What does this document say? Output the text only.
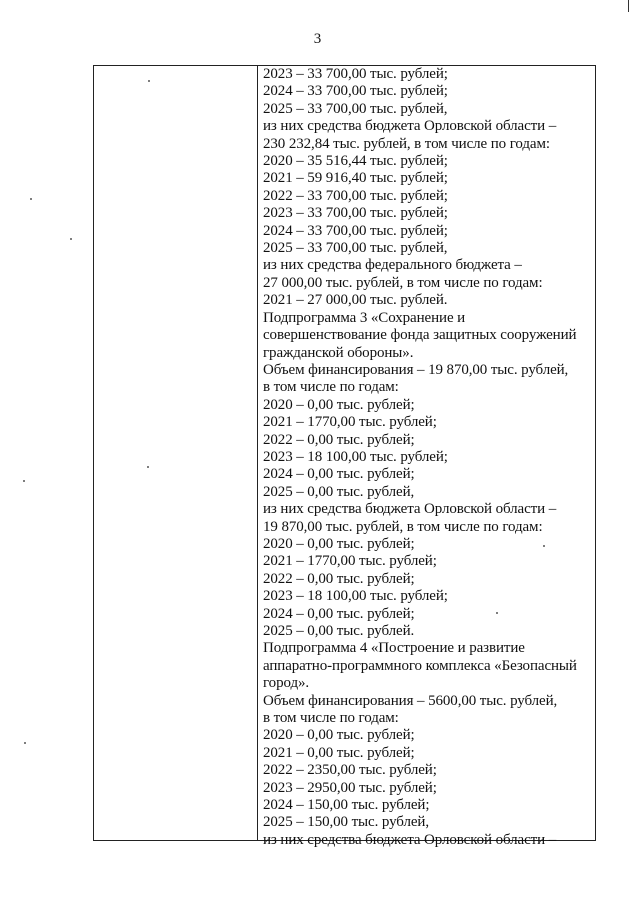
3
2023 – 33 700,00 тыс. рублей;
2024 – 33 700,00 тыс. рублей;
2025 – 33 700,00 тыс. рублей,
из них средства бюджета Орловской области –
230 232,84 тыс. рублей, в том числе по годам:
2020 – 35 516,44 тыс. рублей;
2021 – 59 916,40 тыс. рублей;
2022 – 33 700,00 тыс. рублей;
2023 – 33 700,00 тыс. рублей;
2024 – 33 700,00 тыс. рублей;
2025 – 33 700,00 тыс. рублей,
из них средства федерального бюджета –
27 000,00 тыс. рублей, в том числе по годам:
2021 – 27 000,00 тыс. рублей.
Подпрограмма 3 «Сохранение и
совершенствование фонда защитных сооружений
гражданской обороны».
Объем финансирования – 19 870,00 тыс. рублей,
в том числе по годам:
2020 – 0,00 тыс. рублей;
2021 – 1770,00 тыс. рублей;
2022 – 0,00 тыс. рублей;
2023 – 18 100,00 тыс. рублей;
2024 – 0,00 тыс. рублей;
2025 – 0,00 тыс. рублей,
из них средства бюджета Орловской области –
19 870,00 тыс. рублей, в том числе по годам:
2020 – 0,00 тыс. рублей;
2021 – 1770,00 тыс. рублей;
2022 – 0,00 тыс. рублей;
2023 – 18 100,00 тыс. рублей;
2024 – 0,00 тыс. рублей;
2025 – 0,00 тыс. рублей.
Подпрограмма 4 «Построение и развитие
аппаратно-программного комплекса «Безопасный
город».
Объем финансирования – 5600,00 тыс. рублей,
в том числе по годам:
2020 – 0,00 тыс. рублей;
2021 – 0,00 тыс. рублей;
2022 – 2350,00 тыс. рублей;
2023 – 2950,00 тыс. рублей;
2024 – 150,00 тыс. рублей;
2025 – 150,00 тыс. рублей,
из них средства бюджета Орловской области –
